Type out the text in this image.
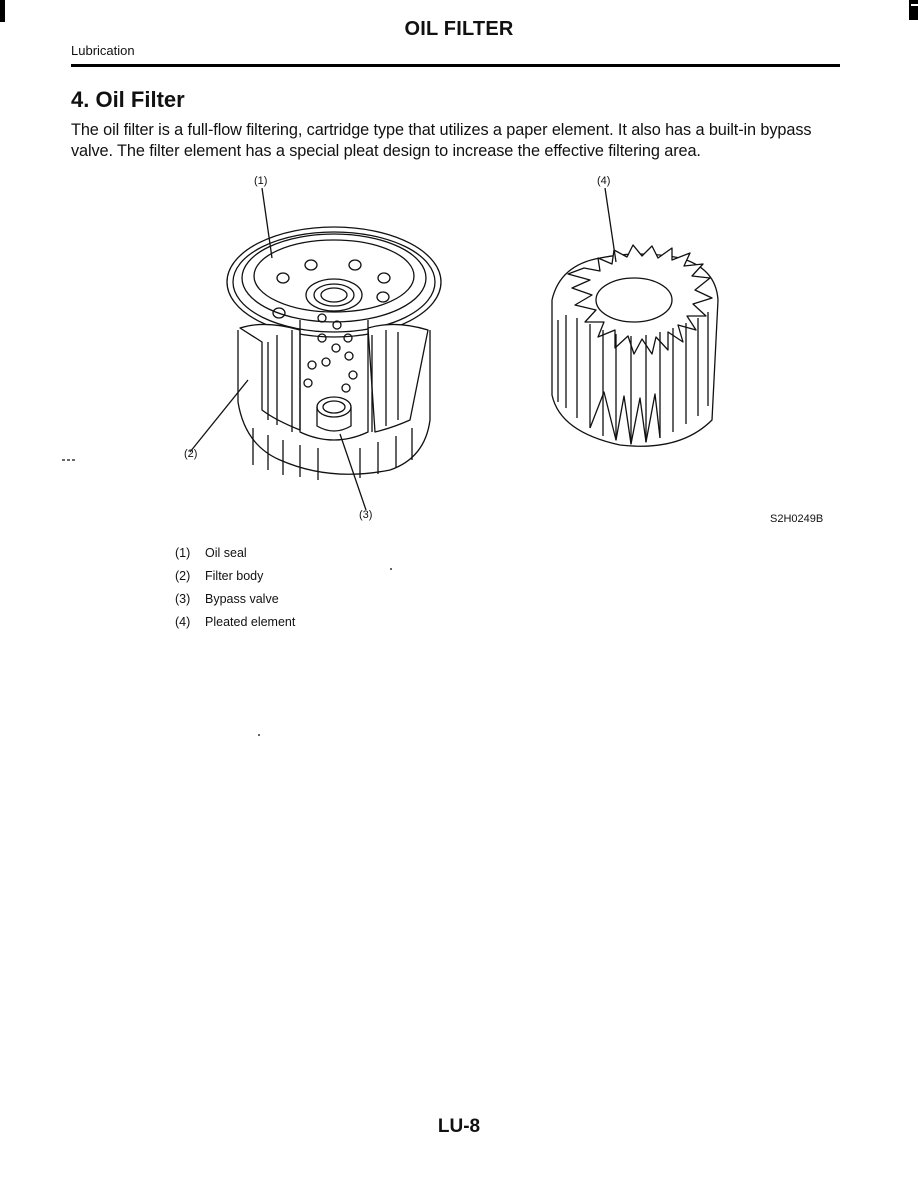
OIL FILTER
Lubrication
4. Oil Filter

The oil filter is a full-flow filtering, cartridge type that utilizes a paper element. It also has a built-in bypass valve. The filter element has a special pleat design to increase the effective filtering area.

(1)	(4)
(2)
(3)	S2H0249B
(1) Oil seal
(2) Filter body
(3) Bypass valve
(4) Pleated element
LU-8
